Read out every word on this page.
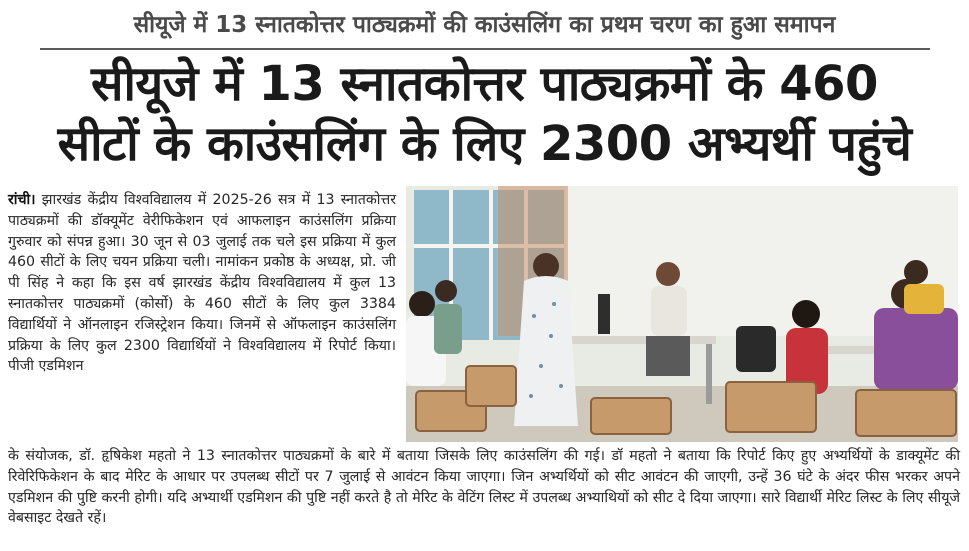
सीयूजे में 13 स्नातकोत्तर पाठ्यक्रमों की काउंसलिंग का प्रथम चरण का हुआ समापन
सीयूजे में 13 स्नातकोत्तर पाठ्यक्रमों के 460
सीटों के काउंसलिंग के लिए 2300 अभ्यर्थी पहुंचे

रांची। झारखंड केंद्रीय विश्वविद्यालय में 2025-26 सत्र में 13 स्नातकोत्तर पाठ्यक्रमों की डॉक्यूमेंट वेरीफिकेशन एवं आफलाइन काउंसलिंग प्रक्रिया गुरुवार को संपन्न हुआ। 30 जून से 03 जुलाई तक चले इस प्रक्रिया में कुल 460 सीटों के लिए चयन प्रक्रिया चली। नामांकन प्रकोष्ठ के अध्यक्ष, प्रो. जी पी सिंह ने कहा कि इस वर्ष झारखंड केंद्रीय विश्वविद्यालय में कुल 13 स्नातकोत्तर पाठ्यक्रमों (कोर्सो) के 460 सीटों के लिए कुल 3384 विद्यार्थियों ने ऑनलाइन रजिस्ट्रेशन किया। जिनमें से ऑफलाइन काउंसलिंग प्रक्रिया के लिए कुल 2300 विद्यार्थियों ने विश्वविद्यालय में रिपोर्ट किया। पीजी एडमिशन

के संयोजक, डॉ. हृषिकेश महतो ने 13 स्नातकोत्तर पाठ्यक्रमों के बारे में बताया जिसके लिए काउंसलिंग की गई। डॉ महतो ने बताया कि रिपोर्ट किए हुए अभ्यर्थियों के डाक्यूमेंट की रिवेरिफिकेशन के बाद मेरिट के आधार पर उपलब्ध सीटों पर 7 जुलाई से आवंटन किया जाएगा। जिन अभ्यर्थियों को सीट आवंटन की जाएगी, उन्हें 36 घंटे के अंदर फीस भरकर अपने एडमिशन की पुष्टि करनी होगी। यदि अभ्यार्थी एडमिशन की पुष्टि नहीं करते है तो मेरिट के वेटिंग लिस्ट में उपलब्ध अभ्याथियों को सीट दे दिया जाएगा। सारे विद्यार्थी मेरिट लिस्ट के लिए सीयूजे वेबसाइट देखते रहें।
